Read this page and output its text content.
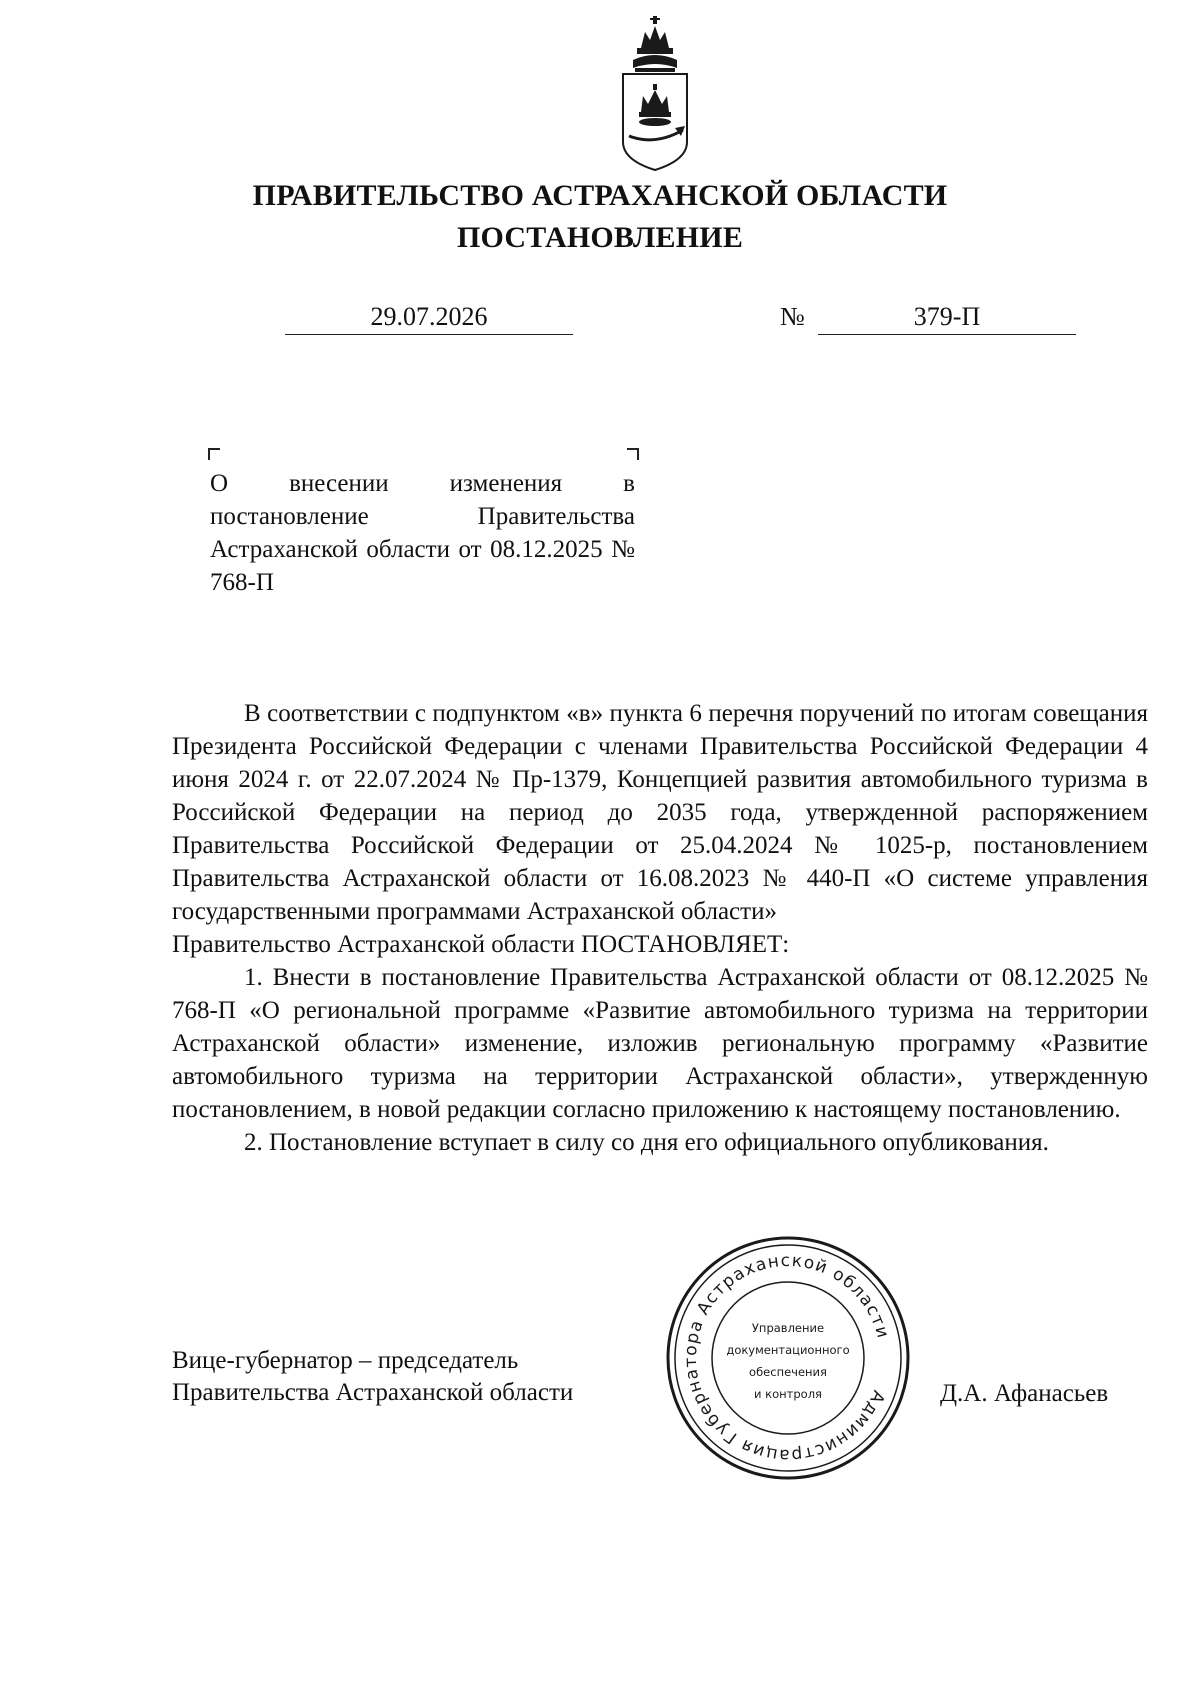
ПРАВИТЕЛЬСТВО АСТРАХАНСКОЙ ОБЛАСТИ
ПОСТАНОВЛЕНИЕ
29.07.2026	№	379-П
О внесении изменения в постановление Правительства Астраханской области от 08.12.2025 № 768-П

В соответствии с подпунктом «в» пункта 6 перечня поручений по итогам совещания Президента Российской Федерации с членами Правительства Российской Федерации 4 июня 2024 г. от 22.07.2024 № Пр-1379, Концепцией развития автомобильного туризма в Российской Федерации на период до 2035 года, утвержденной распоряжением Правительства Российской Федерации от 25.04.2024 № 1025-р, постановлением Правительства Астраханской области от 16.08.2023 № 440-П «О системе управления государственными программами Астраханской области»

Правительство Астраханской области ПОСТАНОВЛЯЕТ:

1. Внести в постановление Правительства Астраханской области от 08.12.2025 № 768-П «О региональной программе «Развитие автомобильного туризма на территории Астраханской области» изменение, изложив региональную программу «Развитие автомобильного туризма на территории Астраханской области», утвержденную постановлением, в новой редакции согласно приложению к настоящему постановлению.

2. Постановление вступает в силу со дня его официального опубликования.

Вице-губернатор – председатель
Правительства Астраханской области	Администрация Губернатора Астраханской области
Управление
документационного
обеспечения
и контроля	Д.А. Афанасьев
